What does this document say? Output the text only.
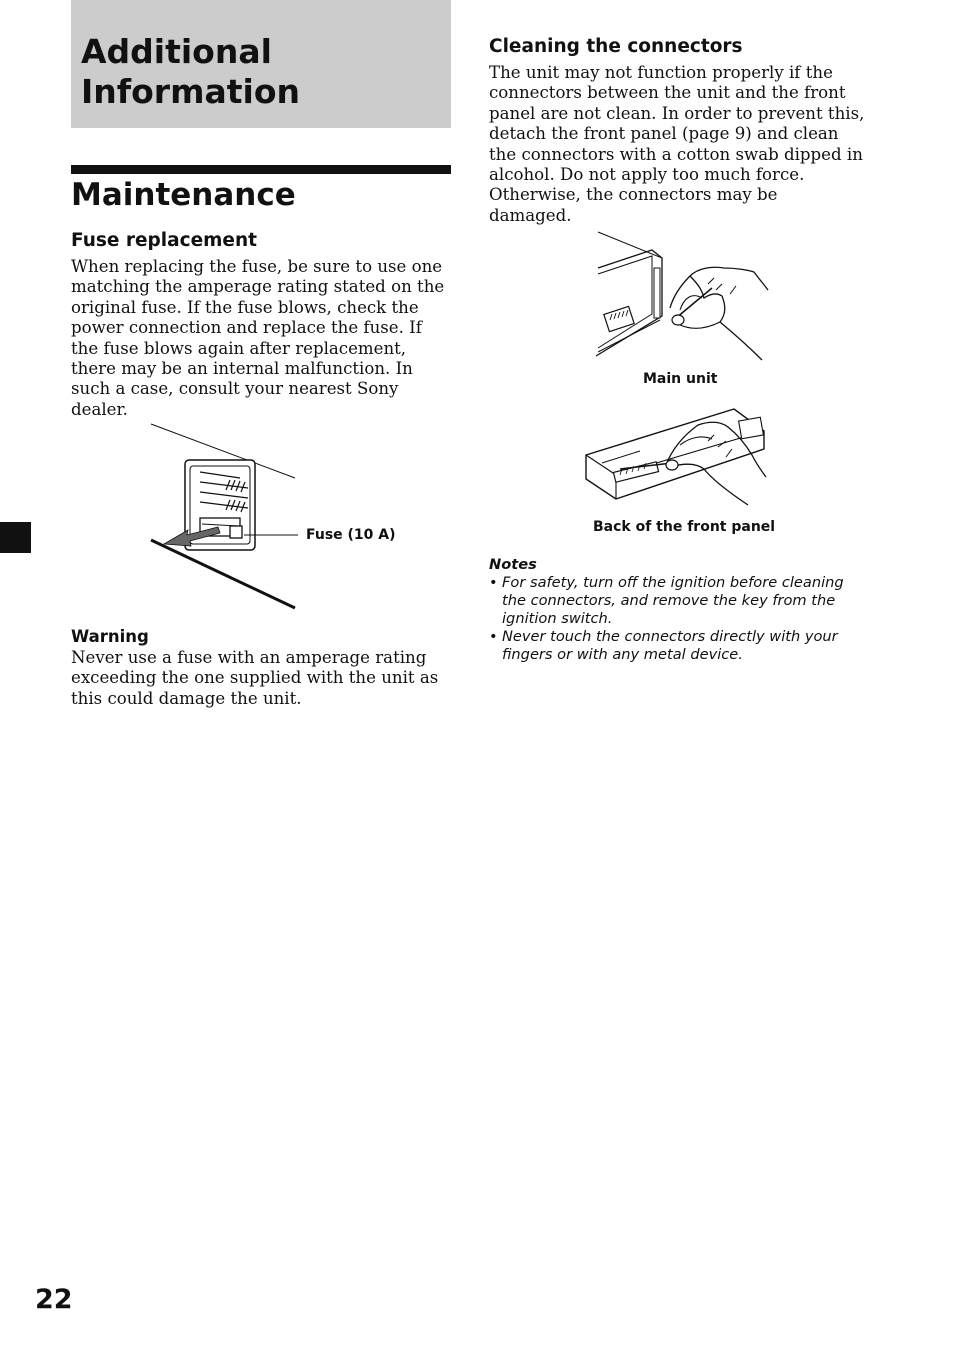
Additional Information
Maintenance
Fuse replacement

When replacing the fuse, be sure to use one matching the amperage rating stated on the original fuse. If the fuse blows, check the power connection and replace the fuse. If the fuse blows again after replacement, there may be an internal malfunction. In such a case, consult your nearest Sony dealer.

Fuse (10 A)
Warning

Never use a fuse with an amperage rating exceeding the one supplied with the unit as this could damage the unit.

Cleaning the connectors

The unit may not function properly if the connectors between the unit and the front panel are not clean. In order to prevent this, detach the front panel (page 9) and clean the connectors with a cotton swab dipped in alcohol. Do not apply too much force. Otherwise, the connectors may be damaged.

Main unit
Back of the front panel

Notes

• For safety, turn off the ignition before cleaning the connectors, and remove the key from the ignition switch.
• Never touch the connectors directly with your fingers or with any metal device.

22
